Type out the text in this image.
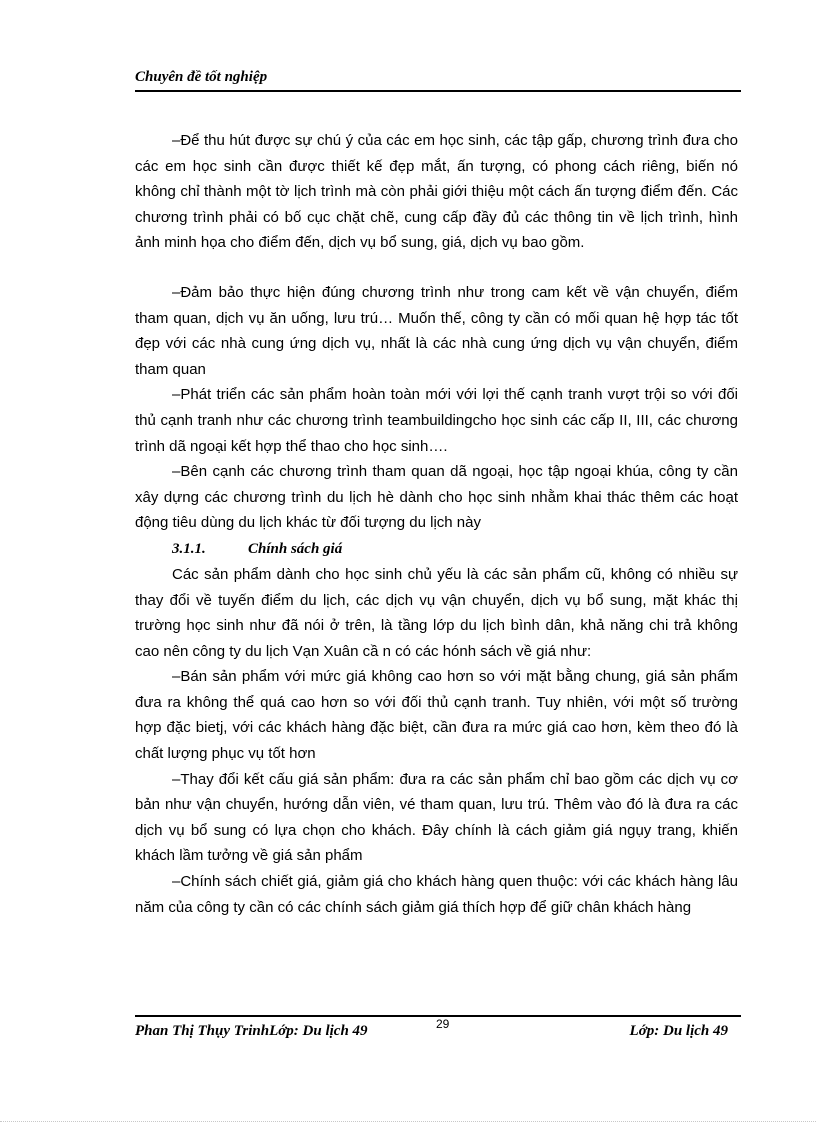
Chuyên đề tốt nghiệp

–Để thu hút được sự chú ý của các em học sinh, các tập gấp, chương trình đưa cho các em học sinh cần được thiết kế đẹp mắt, ấn tượng, có phong cách riêng, biến nó không chỉ thành một tờ lịch trình mà còn phải giới thiệu một cách ấn tượng điểm đến. Các chương trình phải có bố cục chặt chẽ, cung cấp đầy đủ các thông tin về lịch trình, hình ảnh minh họa cho điểm đến, dịch vụ bổ sung, giá, dịch vụ bao gồm.

–Đảm bảo thực hiện đúng chương trình như trong cam kết về vận chuyển, điểm tham quan, dịch vụ ăn uống, lưu trú… Muốn thế, công ty cần có mối quan hệ hợp tác tốt đẹp với các nhà cung ứng dịch vụ, nhất là các nhà cung ứng dịch vụ vận chuyển, điểm tham quan

–Phát triển các sản phẩm hoàn toàn mới với lợi thế cạnh tranh vượt trội so với đối thủ cạnh tranh như các chương trình teambuildingcho học sinh các cấp II, III, các chương trình dã ngoại kết hợp thể thao cho học sinh….

–Bên cạnh các chương trình tham quan dã ngoại, học tập ngoại khúa, công ty cần xây dựng các chương trình du lịch hè dành cho học sinh nhằm khai thác thêm các hoạt động tiêu dùng du lịch khác từ đối tượng du lịch này

3.1.1.	Chính sách giá

Các sản phẩm dành cho học sinh chủ yếu là các sản phẩm cũ, không có nhiều sự thay đổi về tuyến điểm du lịch, các dịch vụ vận chuyển, dịch vụ bổ sung, mặt khác thị trường học sinh như đã nói ở trên, là tầng lớp du lịch bình dân, khả năng chi trả không cao nên công ty du lịch Vạn Xuân cầ n có các hónh sách về giá như:

–Bán sản phẩm với mức giá không cao hơn so với mặt bằng chung, giá sản phẩm đưa ra không thể quá cao hơn so với đối thủ cạnh tranh. Tuy nhiên, với một số trường hợp đặc bietj, với các khách hàng đặc biệt, cần đưa ra mức giá cao hơn, kèm theo đó là chất lượng phục vụ tốt hơn

–Thay đổi kết cấu giá sản phẩm: đưa ra các sản phẩm chỉ bao gồm các dịch vụ cơ bản như vận chuyển, hướng dẫn viên, vé tham quan, lưu trú. Thêm vào đó là đưa ra các dịch vụ bổ sung có lựa chọn cho khách. Đây chính là cách giảm giá ngụy trang, khiến khách lầm tưởng về giá sản phẩm

–Chính sách chiết giá, giảm giá cho khách hàng quen thuộc: với các khách hàng lâu năm của công ty cần có các chính sách giảm giá thích hợp để giữ chân khách hàng

Phan Thị Thụy TrinhLớp: Du lịch 49	29	Lớp: Du lịch 49
